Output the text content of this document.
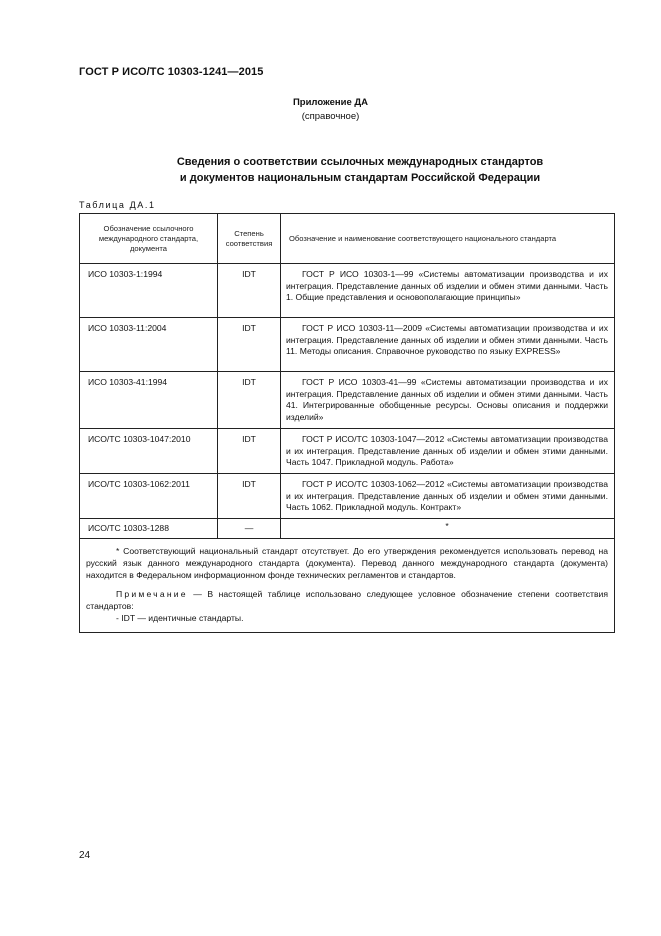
ГОСТ Р ИСО/ТС 10303-1241—2015
Приложение ДА
(справочное)
Сведения о соответствии ссылочных международных стандартов
и документов национальным стандартам Российской Федерации
Таблица ДА.1
Обозначение ссылочного международного стандарта, документа	Степень соответствия	Обозначение и наименование соответствующего национального стандарта
ИСО 10303-1:1994	IDT	ГОСТ Р ИСО 10303-1—99 «Системы автоматизации производства и их интеграция. Представление данных об изделии и обмен этими данными. Часть 1. Общие представления и основополагающие принципы»
ИСО 10303-11:2004	IDT	ГОСТ Р ИСО 10303-11—2009 «Системы автоматизации производства и их интеграция. Представление данных об изделии и обмен этими данными. Часть 11. Методы описания. Справочное руководство по языку EXPRESS»
ИСО 10303-41:1994	IDT	ГОСТ Р ИСО 10303-41—99 «Системы автоматизации производства и их интеграция. Представление данных об изделии и обмен этими данными. Часть 41. Интегрированные обобщенные ресурсы. Основы описания и поддержки изделий»
ИСО/ТС 10303-1047:2010	IDT	ГОСТ Р ИСО/ТС 10303-1047—2012 «Системы автоматизации производства и их интеграция. Представление данных об изделии и обмен этими данными. Часть 1047. Прикладной модуль. Работа»
ИСО/ТС 10303-1062:2011	IDT	ГОСТ Р ИСО/ТС 10303-1062—2012 «Системы автоматизации производства и их интеграция. Представление данных об изделии и обмен этими данными. Часть 1062. Прикладной модуль. Контракт»
ИСО/ТС 10303-1288	—	*

* Соответствующий национальный стандарт отсутствует. До его утверждения рекомендуется использовать перевод на русский язык данного международного стандарта (документа). Перевод данного международного стандарта (документа) находится в Федеральном информационном фонде технических регламентов и стандартов.

Примечание — В настоящей таблице использовано следующее условное обозначение степени соответствия стандартов:

- IDT — идентичные стандарты.		

24
